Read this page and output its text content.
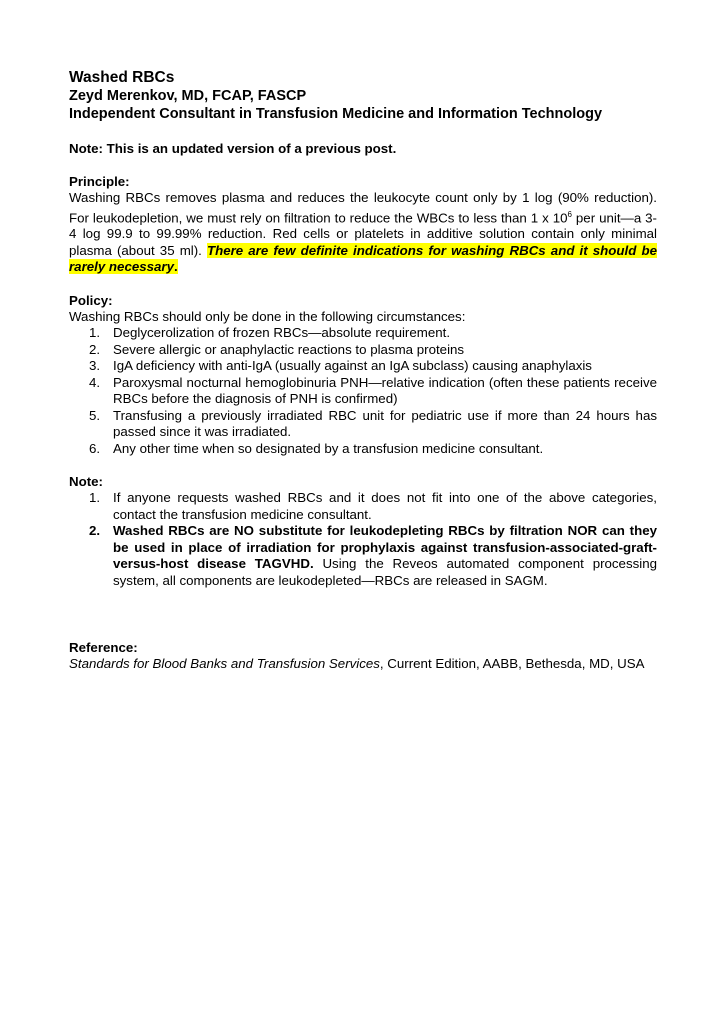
Washed RBCs

Zeyd Merenkov, MD, FCAP, FASCP

Independent Consultant in Transfusion Medicine and Information Technology

Note: This is an updated version of a previous post.

Principle:

Washing RBCs removes plasma and reduces the leukocyte count only by 1 log (90% reduction). For leukodepletion, we must rely on filtration to reduce the WBCs to less than 1 x $10^6$ per unit—a 3-4 log 99.9 to 99.99% reduction. Red cells or platelets in additive solution contain only minimal plasma (about 35 ml). There are few definite indications for washing RBCs and it should be rarely necessary.

Policy:

Washing RBCs should only be done in the following circumstances:

1. Deglycerolization of frozen RBCs—absolute requirement.
2. Severe allergic or anaphylactic reactions to plasma proteins
3. IgA deficiency with anti-IgA (usually against an IgA subclass) causing anaphylaxis
4. Paroxysmal nocturnal hemoglobinuria PNH—relative indication (often these patients receive RBCs before the diagnosis of PNH is confirmed)
5. Transfusing a previously irradiated RBC unit for pediatric use if more than 24 hours has passed since it was irradiated.
6. Any other time when so designated by a transfusion medicine consultant.

Note:

1. If anyone requests washed RBCs and it does not fit into one of the above categories, contact the transfusion medicine consultant.
2. Washed RBCs are NO substitute for leukodepleting RBCs by filtration NOR can they be used in place of irradiation for prophylaxis against transfusion-associated-graft-versus-host disease TAGVHD. Using the Reveos automated component processing system, all components are leukodepleted—RBCs are released in SAGM.

Reference:

Standards for Blood Banks and Transfusion Services, Current Edition, AABB, Bethesda, MD, USA
